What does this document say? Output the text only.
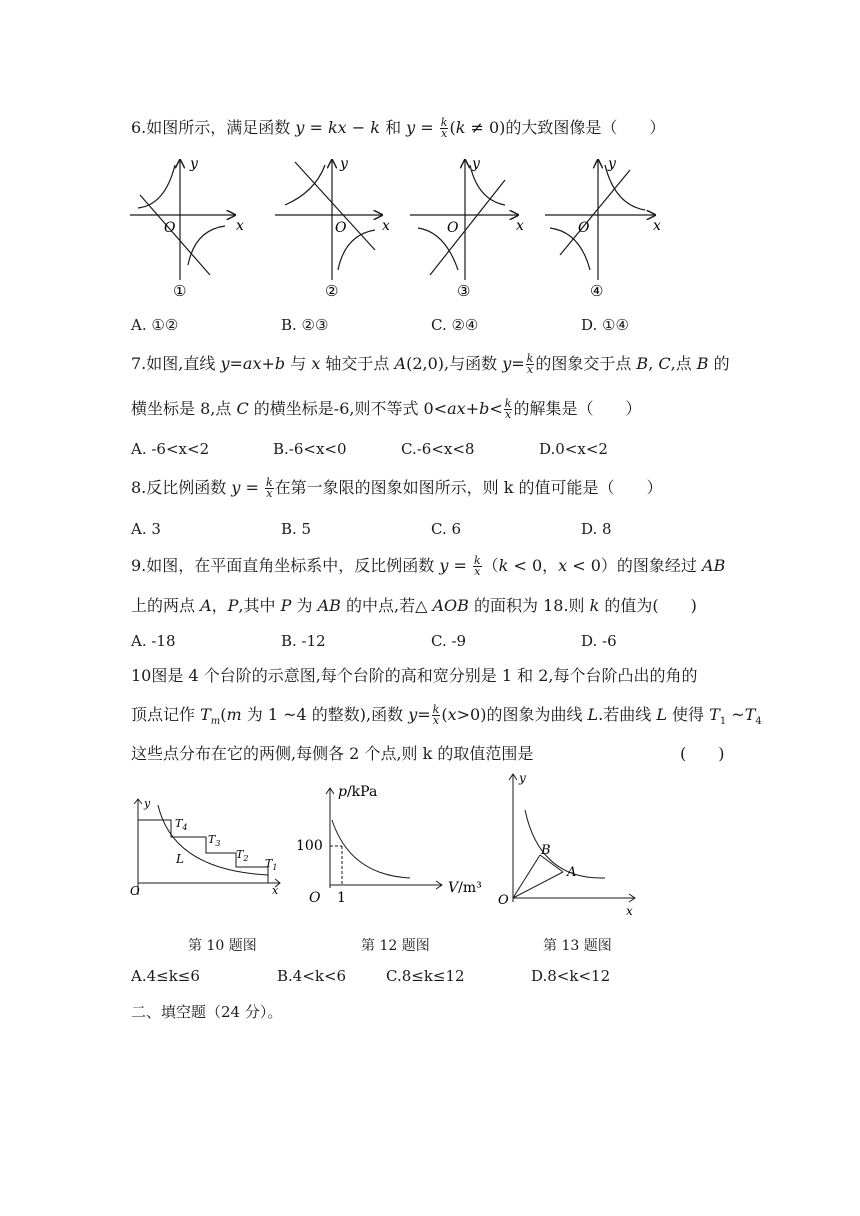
6.如图所示，满足函数 y = kx − k 和 $y = \frac{k}{x} (k \ne 0)$的大致图像是（　　）
O
y
x
①
O
y
x
②
O
y
x
③
O
y
x
④
A. ①②	B. ②③	C. ②④	D. ①④
7.如图,直线 y=ax+b 与 x 轴交于点 A(2,0),与函数 $y= \frac{k}{x}$ 的图象交于点 B, C,点 B 的
横坐标是 8,点 C 的横坐标是-6,则不等式 $0<ax+b< \frac{k}{x}$ 的解集是（　　）
A. -6<x<2	B.-6<x<0	C.-6<x<8	D.0<x<2
8.反比例函数 $y = \frac{k}{x}$ 在第一象限的图象如图所示，则 k 的值可能是（　　）
A. 3	B. 5	C. 6	D. 8
9.如图，在平面直角坐标系中，反比例函数 $y = \frac{k}{x} (k < 0$，x < 0）的图象经过 AB
上的两点 A，P,其中 P 为 AB 的中点,若△ AOB 的面积为 18.则 k 的值为(　　)
A. -18	B. -12	C. -9	D. -6
10图是 4 个台阶的示意图,每个台阶的高和宽分别是 1 和 2,每个台阶凸出的角的
顶点记作 $T_m(m$ 为 1 ~4 的整数),函数 $y= \frac{k}{x} (x>0)$的图象为曲线 L.若曲线 L 使得 $T_1$ $\sim T_4$
这些点分布在它的两侧,每侧各 2 个点,则 k 的取值范围是	(　　)
$T_4$
$T_3$
$T_2$ $T_1$
L
O
y
x
p/kPa
100
1
O
V/m³
B
A
O
y
x
第 10 题图	第 12 题图	第 13 题图
A.4≤k≤6	B.4<k<6	C.8≤k≤12	D.8<k<12
二、填空题（24 分）。
